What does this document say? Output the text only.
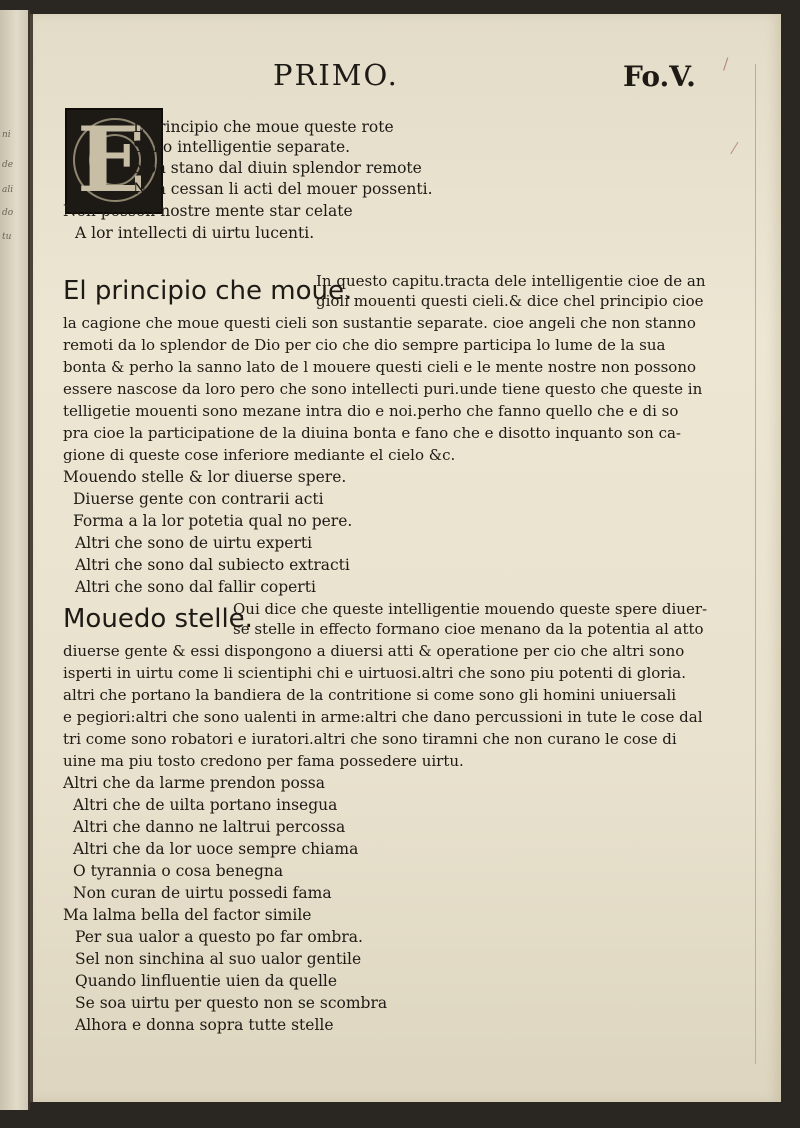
ni
de
ali
do
tu
/
⁄
PRIMO.	Fo.V.
E
L principio che moue queste rote
Sono intelligentie separate.
Non stano dal diuin splendor remote
Non cessan li acti del mouer possenti.
Non posson nostre mente star celate
A lor intellecti di uirtu lucenti.
El principio che moue.
In questo capitu.tracta dele intelligentie cioe de an
gioli mouenti questi cieli.& dice chel principio cioe
la cagione che moue questi cieli son sustantie separate. cioe angeli che non stanno
remoti da lo splendor de Dio per cio che dio sempre participa lo lume de la sua
bonta & perho la sanno lato de l mouere questi cieli e le mente nostre non possono
essere nascose da loro pero che sono intellecti puri.unde tiene questo che queste in
telligetie mouenti sono mezane intra dio e noi.perho che fanno quello che e di so
pra cioe la participatione de la diuina bonta e fano che e disotto inquanto son ca-
gione di queste cose inferiore mediante el cielo &c.
Mouendo stelle & lor diuerse spere.
Diuerse gente con contrarii acti
Forma a la lor potetia qual no pere.
Altri che sono de uirtu experti
Altri che sono dal subiecto extracti
Altri che sono dal fallir coperti
Mouedo stelle.
Qui dice che queste intelligentie mouendo queste spere diuer-
se stelle in effecto formano cioe menano da la potentia al atto
diuerse gente & essi dispongono a diuersi atti & operatione per cio che altri sono
isperti in uirtu come li scientiphi chi e uirtuosi.altri che sono piu potenti di gloria.
altri che portano la bandiera de la contritione si come sono gli homini uniuersali
e pegiori:altri che sono ualenti in arme:altri che dano percussioni in tute le cose dal
tri come sono robatori e iuratori.altri che sono tiramni che non curano le cose di
uine ma piu tosto credono per fama possedere uirtu.
Altri che da larme prendon possa
Altri che de uilta portano insegua
Altri che danno ne laltrui percossa
Altri che da lor uoce sempre chiama
O tyrannia o cosa benegna
Non curan de uirtu possedi fama
Ma lalma bella del factor simile
Per sua ualor a questo po far ombra.
Sel non sinchina al suo ualor gentile
Quando linfluentie uien da quelle
Se soa uirtu per questo non se scombra
Alhora e donna sopra tutte stelle
